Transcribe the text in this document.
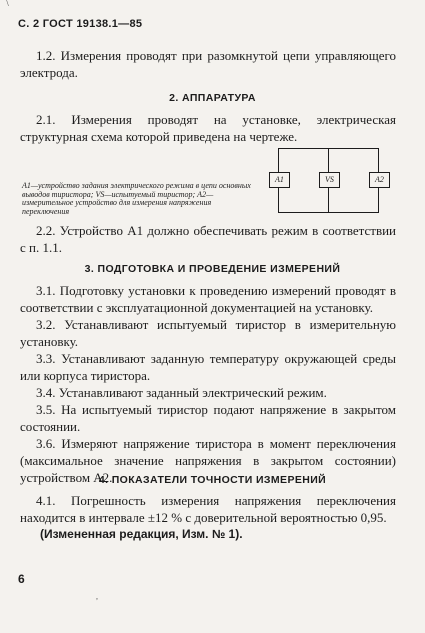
\
С. 2 ГОСТ 19138.1—85
1.2. Измерения проводят при разомкнутой цепи управляющего электрода.
2. АППАРАТУРА
2.1. Измерения проводят на установке, электрическая структурная схема которой приведена на чертеже.
A1	VS	A2
A1—устройство задания электрического режима в цепи основных выводов тиристора; VS—испытуемый тиристор; A2—измерительное устройство для измерения напряжения переключения
2.2. Устройство A1 должно обеспечивать режим в соответствии с п. 1.1.
3. ПОДГОТОВКА И ПРОВЕДЕНИЕ ИЗМЕРЕНИЙ
3.1. Подготовку установки к проведению измерений проводят в соответствии с эксплуатационной документацией на установку.
3.2. Устанавливают испытуемый тиристор в измерительную установку.
3.3. Устанавливают заданную температуру окружающей среды или корпуса тиристора.
3.4. Устанавливают заданный электрический режим.
3.5. На испытуемый тиристор подают напряжение в закрытом состоянии.
3.6. Измеряют напряжение тиристора в момент переключения (максимальное значение напряжения в закрытом состоянии) устройством A2.
4. ПОКАЗАТЕЛИ ТОЧНОСТИ ИЗМЕРЕНИЙ
4.1. Погрешность измерения напряжения переключения находится в интервале ±12 % с доверительной вероятностью 0,95.
(Измененная редакция, Изм. № 1).
6
,
